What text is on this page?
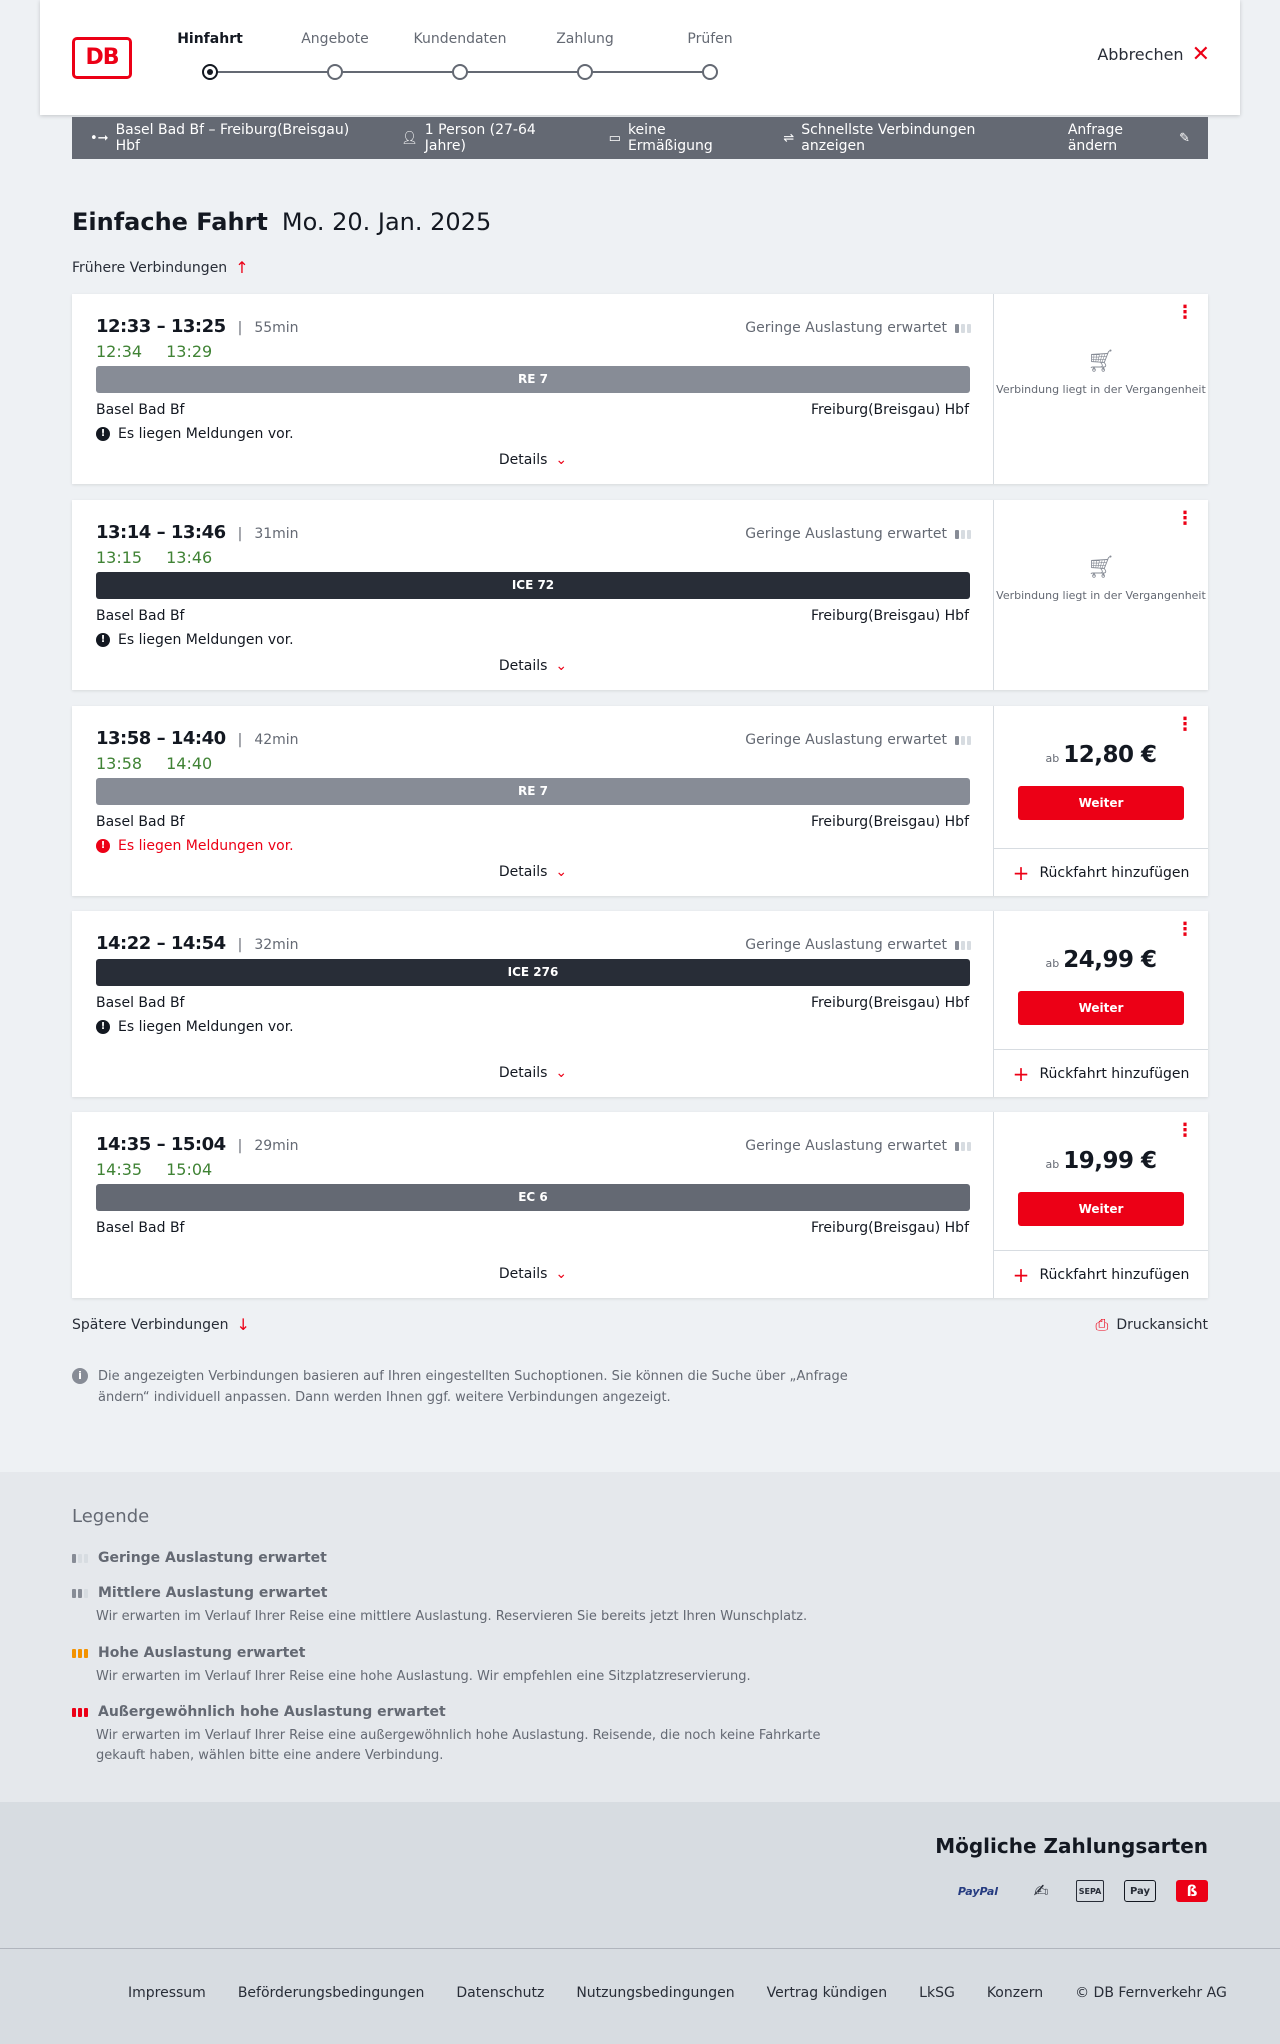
DB
Hinfahrt	Angebote	Kundendaten	Zahlung	Prüfen
Abbrechen ✕
•➞ Basel Bad Bf – Freiburg(Breisgau) Hbf	👤︎ 1 Person (27-64 Jahre)	▭ keine Ermäßigung	⇌ Schnellste Verbindungen anzeigen
Anfrage ändern	✎
Einfache Fahrt Mo. 20. Jan. 2025
Frühere Verbindungen ↑
12:33 – 13:25 | 55min
12:34 13:29
Geringe Auslastung erwartet
RE 7
Basel Bad Bf	Freiburg(Breisgau) Hbf
! Es liegen Meldungen vor.
Details ⌄
⋮
🛒︎
Verbindung liegt in der Vergangenheit
13:14 – 13:46 | 31min
13:15 13:46
Geringe Auslastung erwartet
ICE 72
Basel Bad Bf	Freiburg(Breisgau) Hbf
! Es liegen Meldungen vor.
Details ⌄
⋮
🛒︎
Verbindung liegt in der Vergangenheit
13:58 – 14:40 | 42min
13:58 14:40
Geringe Auslastung erwartet
RE 7
Basel Bad Bf	Freiburg(Breisgau) Hbf
! Es liegen Meldungen vor.
Details ⌄
⋮
ab 12,80 €
Weiter
+ Rückfahrt hinzufügen
14:22 – 14:54 | 32min	Geringe Auslastung erwartet
ICE 276
Basel Bad Bf	Freiburg(Breisgau) Hbf
! Es liegen Meldungen vor.
Details ⌄
⋮
ab 24,99 €
Weiter
+ Rückfahrt hinzufügen
14:35 – 15:04 | 29min
14:35 15:04
Geringe Auslastung erwartet
EC 6
Basel Bad Bf	Freiburg(Breisgau) Hbf
Details ⌄
⋮
ab 19,99 €
Weiter
+ Rückfahrt hinzufügen
Spätere Verbindungen ↓	⎙ Druckansicht
i	Die angezeigten Verbindungen basieren auf Ihren eingestellten Suchoptionen. Sie können die Suche über „Anfrage ändern“ individuell anpassen. Dann werden Ihnen ggf. weitere Verbindungen angezeigt.
Legende
Geringe Auslastung erwartet
Mittlere Auslastung erwartet
Wir erwarten im Verlauf Ihrer Reise eine mittlere Auslastung. Reservieren Sie bereits jetzt Ihren Wunschplatz.
Hohe Auslastung erwartet
Wir erwarten im Verlauf Ihrer Reise eine hohe Auslastung. Wir empfehlen eine Sitzplatzreservierung.
Außergewöhnlich hohe Auslastung erwartet
Wir erwarten im Verlauf Ihrer Reise eine außergewöhnlich hohe Auslastung. Reisende, die noch keine Fahrkarte gekauft haben, wählen bitte eine andere Verbindung.
Mögliche Zahlungsarten
PayPal	✍	SEPA	Pay	ß
Impressum Beförderungsbedingungen Datenschutz Nutzungsbedingungen Vertrag kündigen LkSG Konzern © DB Fernverkehr AG
